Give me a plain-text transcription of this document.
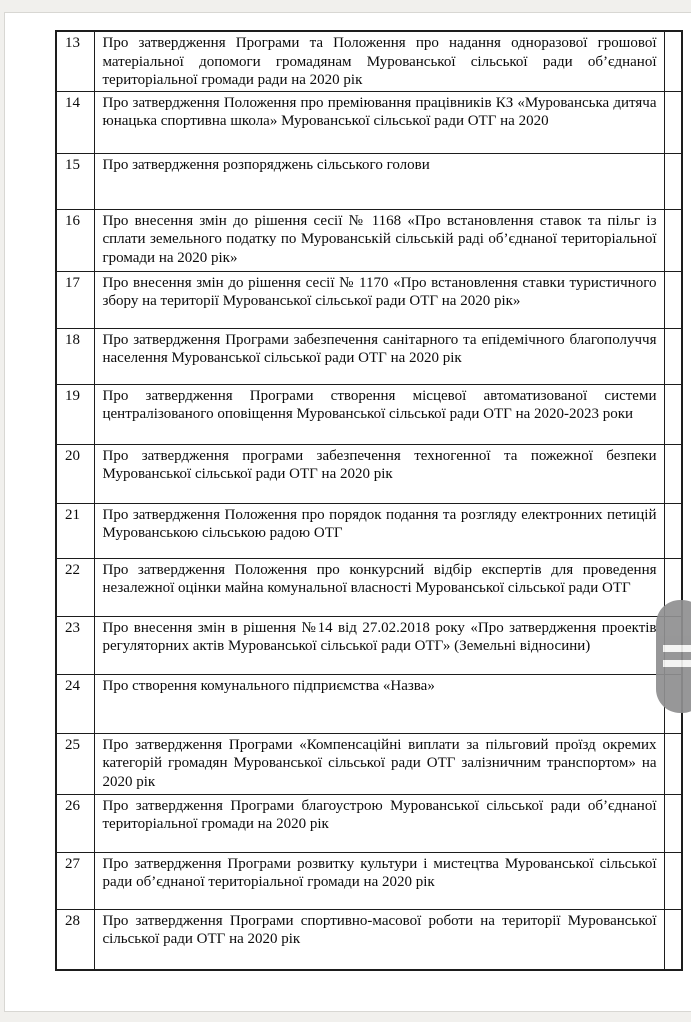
13	Про затвердження Програми та Положення про надання одноразової грошової матеріальної допомоги громадянам Мурованської сільської ради об’єднаної територіальної громади ради на 2020 рік	
14	Про затвердження Положення про преміювання працівників КЗ «Мурованська дитяча юнацька спортивна школа» Мурованської сільської ради ОТГ на 2020	
15	Про затвердження розпоряджень сільського голови	
16	Про внесення змін до рішення сесії № 1168 «Про встановлення ставок та пільг із сплати земельного податку по Мурованській сільській раді об’єднаної територіальної громади на 2020 рік»	
17	Про внесення змін до рішення сесії № 1170 «Про встановлення ставки туристичного збору на території Мурованської сільської ради ОТГ на 2020 рік»	
18	Про затвердження Програми забезпечення санітарного та епідемічного благополуччя населення Мурованської сільської ради ОТГ на 2020 рік	
19	Про затвердження Програми створення місцевої автоматизованої системи централізованого оповіщення Мурованської сільської ради ОТГ на 2020-2023 роки	
20	Про затвердження програми забезпечення техногенної та пожежної безпеки Мурованської сільської ради ОТГ на 2020 рік	
21	Про затвердження Положення про порядок подання та розгляду електронних петицій Мурованською сільською радою ОТГ	
22	Про затвердження Положення про конкурсний відбір експертів для проведення незалежної оцінки майна комунальної власності Мурованської сільської ради ОТГ	
23	Про внесення змін в рішення №14 від 27.02.2018 року «Про затвердження проектів регуляторних актів Мурованської сільської ради ОТГ» (Земельні відносини)	
24	Про створення комунального підприємства «Назва»	
25	Про затвердження Програми «Компенсаційні виплати за пільговий проїзд окремих категорій громадян Мурованської сільської ради ОТГ залізничним транспортом» на 2020 рік	
26	Про затвердження Програми благоустрою Мурованської сільської ради об’єднаної територіальної громади на 2020 рік	
27	Про затвердження Програми розвитку культури і мистецтва Мурованської сільської ради об’єднаної територіальної громади на 2020 рік	
28	Про затвердження Програми спортивно-масової роботи на території Мурованської сільської ради ОТГ на 2020 рік	
